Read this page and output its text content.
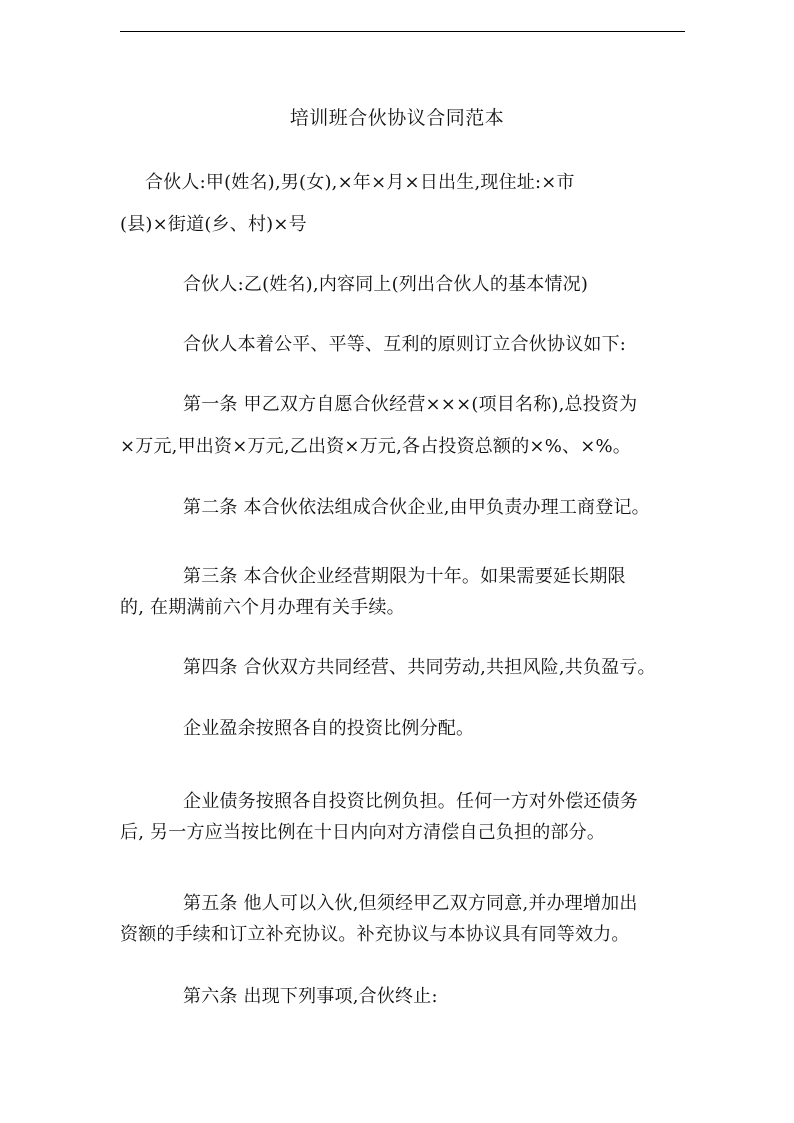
培训班合伙协议合同范本
合伙人:甲(姓名),男(女),×年×月×日出生,现住址:×市
(县)×街道(乡、村)×号
合伙人:乙(姓名),内容同上(列出合伙人的基本情况)
合伙人本着公平、平等、互利的原则订立合伙协议如下:
第一条 甲乙双方自愿合伙经营×××(项目名称),总投资为
×万元,甲出资×万元,乙出资×万元,各占投资总额的×%、×%。
第二条 本合伙依法组成合伙企业,由甲负责办理工商登记。
第三条 本合伙企业经营期限为十年。如果需要延长期限
的, 在期满前六个月办理有关手续。
第四条 合伙双方共同经营、共同劳动,共担风险,共负盈亏。
企业盈余按照各自的投资比例分配。
企业债务按照各自投资比例负担。任何一方对外偿还债务
后, 另一方应当按比例在十日内向对方清偿自己负担的部分。
第五条 他人可以入伙,但须经甲乙双方同意,并办理增加出
资额的手续和订立补充协议。补充协议与本协议具有同等效力。
第六条 出现下列事项,合伙终止:
